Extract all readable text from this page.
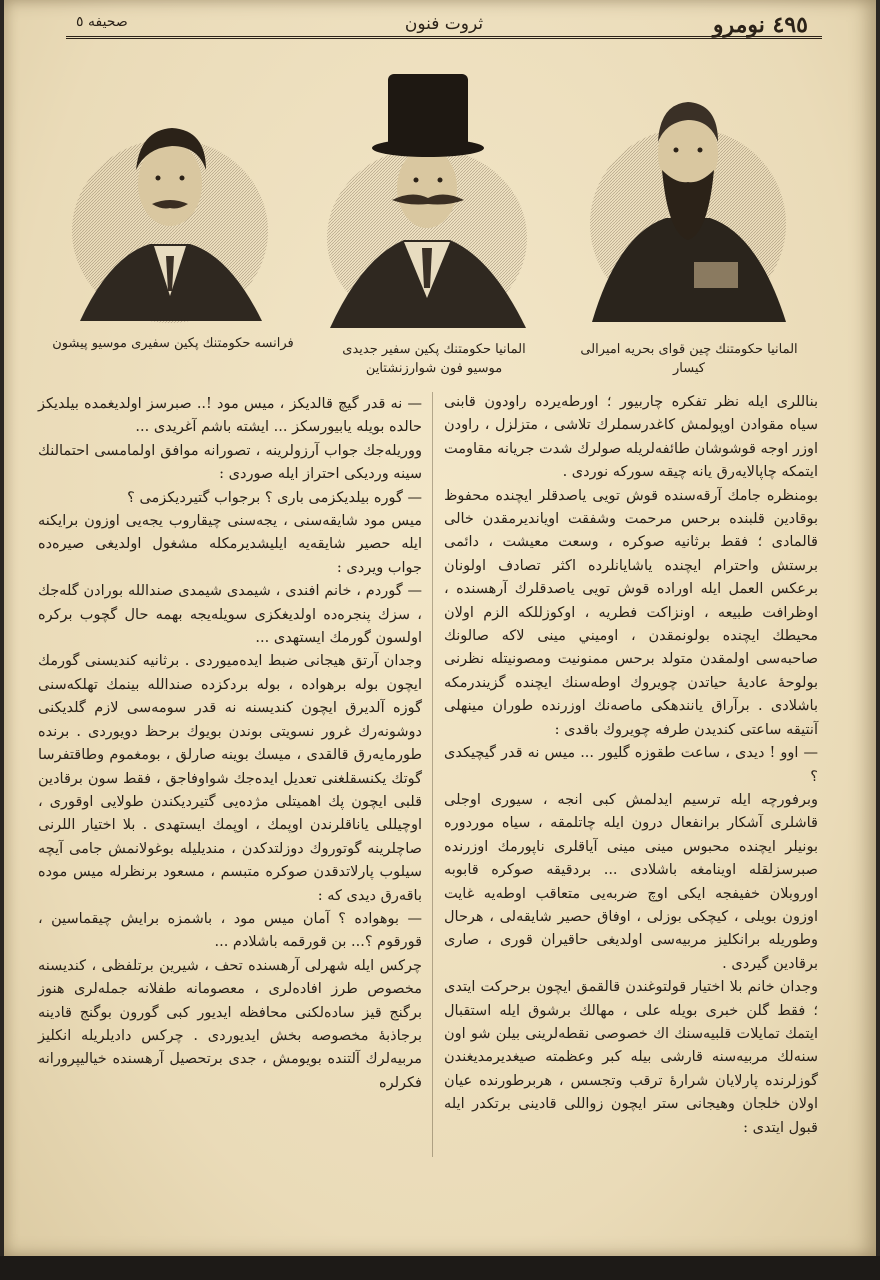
٤٩٥ نومرو
ثروت فنون
صحيفه ٥
فرانسه حكومتنك پكين سفيرى موسيو پيشون	المانيا حكومتنك پكين سفير جديدى
موسيو فون شوارزنشتاين
المانيا حكومتنك چين قواى بحريه اميرالى كيسار

بناللرى ايله نظر تفكره چاربيور ؛ اورطه‌يرده راودون قابنى سياه مقوادن اوپولمش كاغدرسملرك تلاشى ، متزلزل ، راودن اوزر اوجه قوشوشان طائفه‌لريله صولرك شدت جريانه مقاومت ايتمكه چاپالايه‌رق يانه چيقه سوركه نوردى .

بومنظره جامك آرقه‌سنده قوش تويى ياصدقلر ايچنده محفوظ بوقادين قلبنده برحس مرحمت وشفقت اويانديرمقدن خالى قالمادى ؛ فقط برثانيه صوكره ، وسعت معيشت ، دائمى برستش واحترام ايچنده ياشايانلرده اكثر تصادف اولونان برعكس العمل ايله اوراده قوش تويى ياصدقلرك آرهسنده ، اوظرافت طبيعه ، اونزاكت فطريه ، اوكوزللكه الزم اولان محيطك ايچنده بولونمقدن ، اوميني مينى لاكه صالونك صاحبه‌سى اولمقدن متولد برحس ممنونيت ومصونيتله نظرنى بولوحهٔ عاديهٔ حياتدن چويروك اوطه‌سنك ايچنده گزيندرمكه باشلادى . برآراق يانندهكى ماصه‌نك اوزرنده طوران مينهلى آنتيقه ساعتى كنديدن طرفه چويروك باقدى :

— اوو ! ديدى ، ساعت طقوزه گليور ... ميس نه قدر گيچيكدى ؟

وبرفورچه ايله ترسيم ايدلمش كبى انجه ، سيورى اوجلى قاشلرى آشكار برانفعال درون ايله چاتلمقه ، سياه موردوره بونيلر ايچنده محبوس مينى مينى آياقلرى ناپورمك اوزرنده صبرسزلقله اوينامغه باشلادى ... بردقيقه صوكره قابوبه اوروبلان خفيفجه ايكى اوچ ضربه‌يى متعاقب اوطه‌يه غايت اوزون بويلى ، كيچكى بوزلى ، اوفاق حصير شايقه‌لى ، هرحال وطوريله برانكليز مربيه‌سى اولديغى حاقيران قورى ، صارى برقادين گيردى .

وجدان خانم بلا اختيار قولتوغندن قالقمق ايچون برحركت ايتدى ؛ فقط گلن خبرى بويله على ، مهالك برشوق ايله استقبال ايتمك تمايلات قلبيه‌سنك اك خصوصى نقطه‌لرينى بيلن شو اون سنه‌لك مربيه‌سنه قارشى بيله كبر وعظمته صيغديرمديغندن گوزلرنده پارلايان شرارهٔ ترقب وتجسس ، هربرطورنده عيان اولان خلجان وهيجانى ستر ايچون زواللى قادينى برتكدر ايله قبول ايتدى :

— نه قدر گيچ قالديكز ، ميس مود !.. صبرسز اولديغمده بيلديكز حالده بويله يابيورسكز ... ايشته باشم آغريدى ...

ووريله‌جك جواب آرزولرينه ، تصورانه موافق اولمامسى احتمالنك سينه ورديكى احتراز ايله صوردى :

— گوره بيلديكزمى بارى ؟ برجواب گتيرديكزمى ؟

ميس مود شايقه‌سنى ، يجه‌سنى چيقاروب يجه‌يى اوزون برايكنه ايله حصير شايقه‌يه ايليشديرمكله مشغول اولديغى صيره‌ده جواب ويردى :

— گوردم ، خانم افندى ، شيمدى شيمدى صندالله بورادن گله‌جك ، سزك پنجره‌ده اولديغكزى سويله‌يجه بهمه حال گچوب بركره اولسون گورمك ايستهدى ...

وجدان آرتق هيجانى ضبط ايده‌ميوردى . برثانيه كنديسنى گورمك ايچون بوله برهواده ، بوله بردكزده صندالله بينمك تهلكه‌سنى گوزه آلديرق ايچون كنديسنه نه قدر سومه‌سى لازم گلديكنى دوشونه‌رك غرور نسويتى بوندن بويوك برحظ دويوردى . برنده طورمايه‌رق قالقدى ، ميسك بوينه صارلق ، بومغموم وطاقتفرسا گوتك يكنسقلغنى تعديل ايده‌جك شواوفاجق ، فقط سون برقادين قلبى ايچون پك اهميتلى مژده‌يى گتيرديكندن طولايى اوقورى ، اوچيللى ياناقلرندن اوپمك ، اوپمك ايستهدى . بلا اختيار اللرنى صاچلرينه گوتوروك دوزلتدكدن ، منديليله بوغولانمش جامى آيچه سيلوب پارلاتدقدن صوكره متبسم ، مسعود برنظرله ميس موده باقه‌رق ديدى كه :

— بوهواده ؟ آمان ميس مود ، باشمزه برايش چيقماسين ، قورقوم ؟... بن قورقمه باشلادم ...

چركس ايله شهرلى آرهسنده تحف ، شيرين برتلفظى ، كنديسنه مخصوص طرز افاده‌لرى ، معصومانه طفلانه جمله‌لرى هنوز برگنج قيز ساده‌لكنى محافظه ايديور كبى گورون بوگنج قادينه برجاذبهٔ مخصوصه بخش ايديوردى . چركس داديلريله انكليز مربيه‌لرك آلتنده بويومش ، جدى برتحصيل آرهسنده خياليپرورانه فكرلره
